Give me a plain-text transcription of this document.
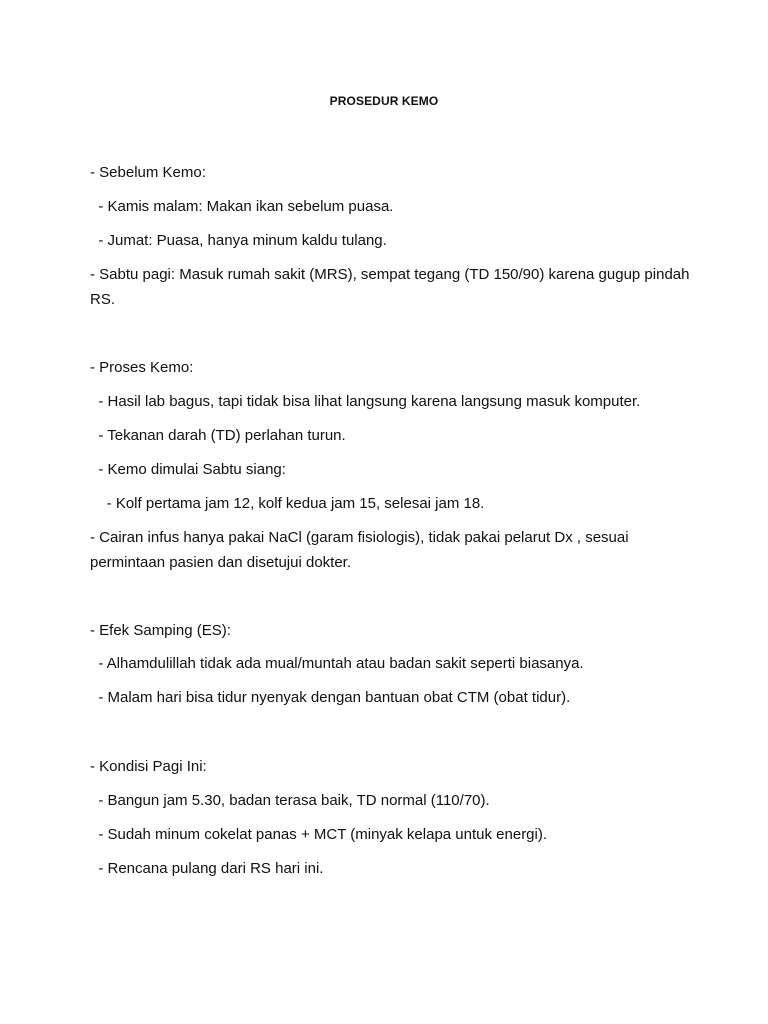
PROSEDUR KEMO
- Sebelum Kemo:
- Kamis malam: Makan ikan sebelum puasa.
- Jumat: Puasa, hanya minum kaldu tulang.
- Sabtu pagi: Masuk rumah sakit (MRS), sempat tegang (TD 150/90) karena gugup pindah RS.
- Proses Kemo:
- Hasil lab bagus, tapi tidak bisa lihat langsung karena langsung masuk komputer.
- Tekanan darah (TD) perlahan turun.
- Kemo dimulai Sabtu siang:
- Kolf pertama jam 12, kolf kedua jam 15, selesai jam 18.
- Cairan infus hanya pakai NaCl (garam fisiologis), tidak pakai pelarut Dx , sesuai permintaan pasien dan disetujui dokter.
- Efek Samping (ES):
- Alhamdulillah tidak ada mual/muntah atau badan sakit seperti biasanya.
- Malam hari bisa tidur nyenyak dengan bantuan obat CTM (obat tidur).
- Kondisi Pagi Ini:
- Bangun jam 5.30, badan terasa baik, TD normal (110/70).
- Sudah minum cokelat panas + MCT (minyak kelapa untuk energi).
- Rencana pulang dari RS hari ini.
